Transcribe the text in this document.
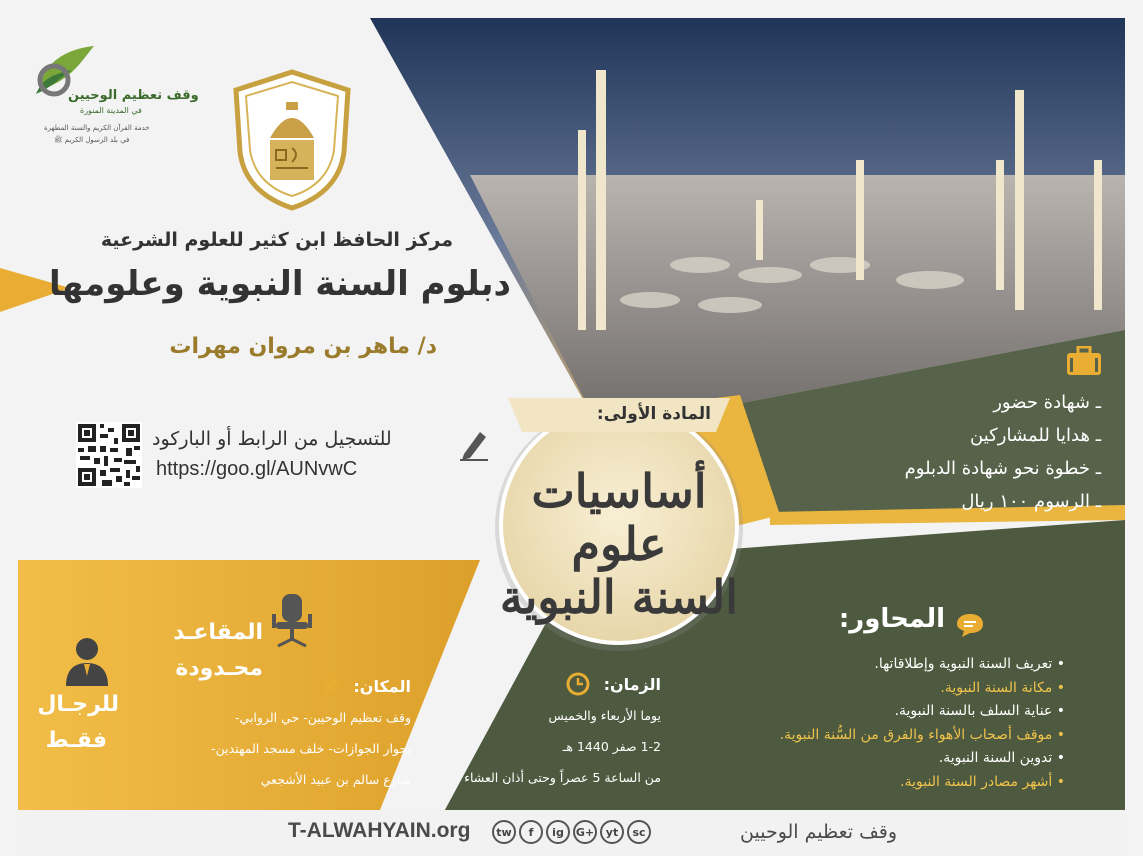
وقف تعظيم الوحيين
في المدينة المنورة
خدمة القرآن الكريم والسنة المطهرة
في بلد الرسول الكريم ﷺ
مركز الحافظ ابن كثير للعلوم الشرعية
دبلوم السنة النبوية وعلومها
د/ ماهر بن مروان مهرات
للتسجيل من الرابط أو الباركود
https://goo.gl/AUNvwC
المادة الأولى:
أساسيات علوم
السنة النبوية
ـ شهادة حضور
ـ هدايا للمشاركين
ـ خطوة نحو شهادة الدبلوم
ـ الرسوم ١٠٠ ريال
المحاور:
• تعريف السنة النبوية وإطلاقاتها.
• مكانة السنة النبوية.
• عناية السلف بالسنة النبوية.
• موقف أصحاب الأهواء والفرق من السُّنة النبوية.
• تدوين السنة النبوية.
• أشهر مصادر السنة النبوية.
الزمان:
يوما الأربعاء والخميس
1-2 صفر 1440 هـ
من الساعة 5 عصراً وحتى أذان العشاء
المكان:
وقف تعظيم الوحيين- حي الروابي-
بجوار الجوازات- خلف مسجد المهتدين-
شارع سالم بن عبيد الأشجعي
المقاعـد
محـدودة
للرجـال
فقـط
T-ALWAHYAIN.org	tw	f	ig	G+	yt	sc	وقف تعظيم الوحيين
